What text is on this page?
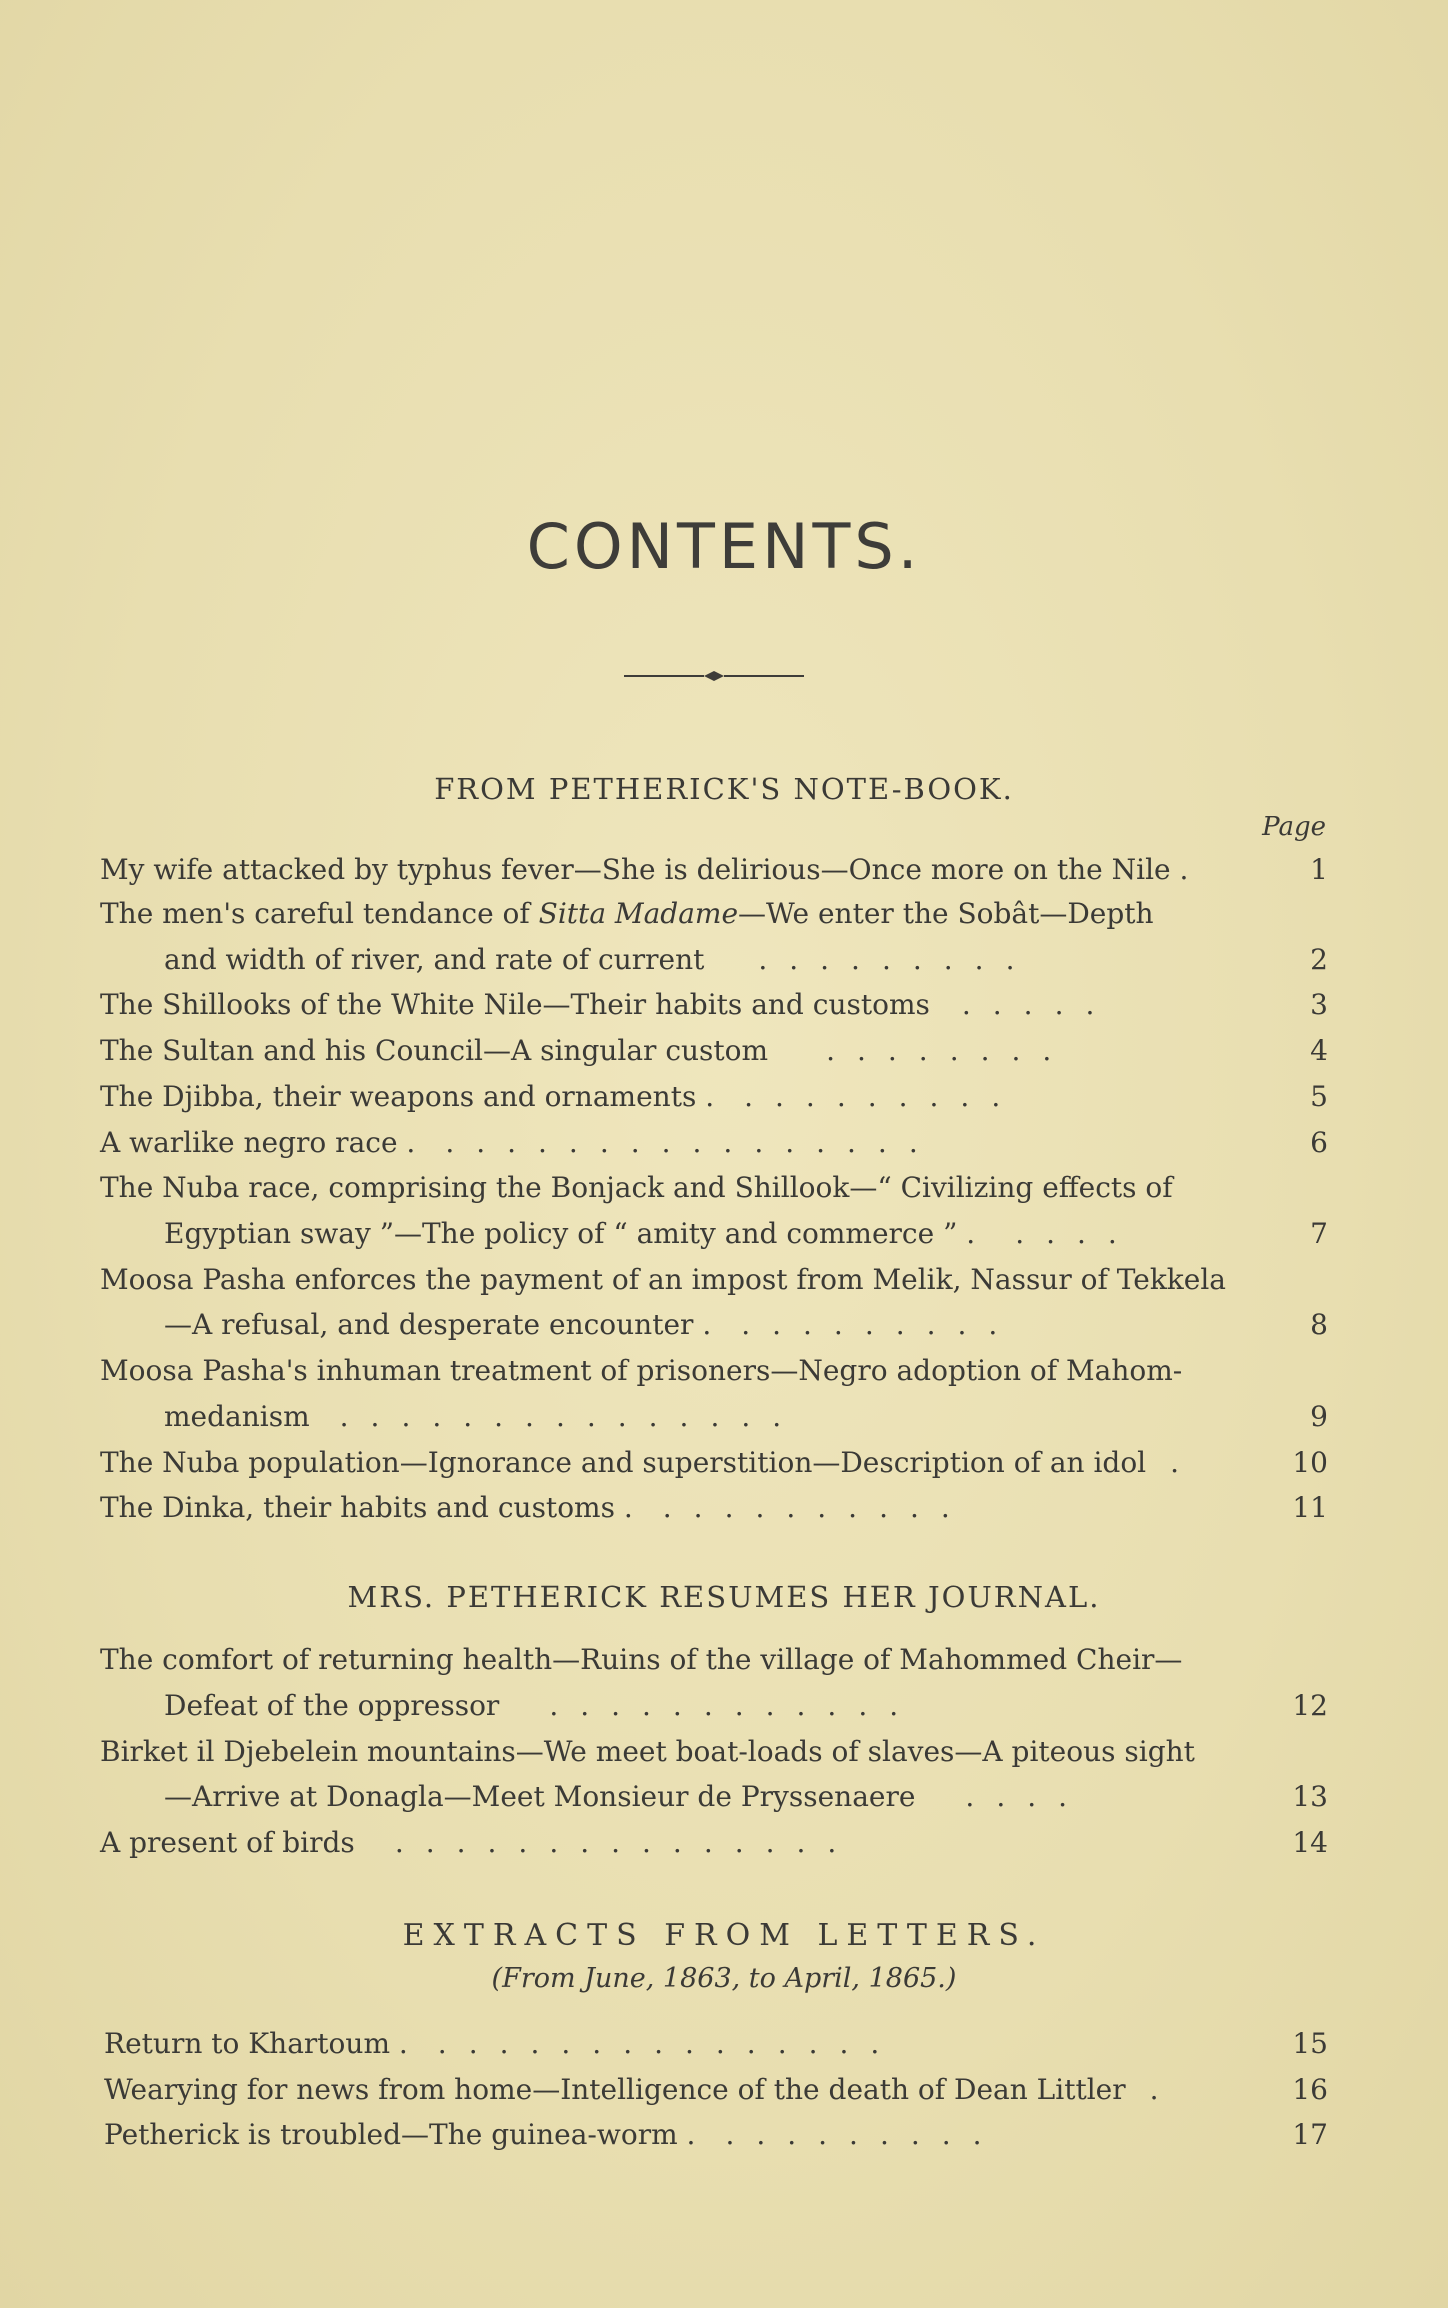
CONTENTS.
FROM PETHERICK'S NOTE-BOOK.
Page
My wife attacked by typhus fever—She is delirious—Once more on the Nile .	1
The men's careful tendance of Sitta Madame—We enter the Sobât—Depth
and width of river, and rate of current .........	2
The Shillooks of the White Nile—Their habits and customs .....	3
The Sultan and his Council—A singular custom ........	4
The Djibba, their weapons and ornaments . .........	5
A warlike negro race . ................	6
The Nuba race, comprising the Bonjack and Shillook—“ Civilizing effects of
Egyptian sway ”—The policy of “ amity and commerce ” . ....	7
Moosa Pasha enforces the payment of an impost from Melik, Nassur of Tekkela
—A refusal, and desperate encounter . .........	8
Moosa Pasha's inhuman treatment of prisoners—Negro adoption of Mahom-
medanism ...............	9
The Nuba population—Ignorance and superstition—Description of an idol .	10
The Dinka, their habits and customs . ..........	11
MRS. PETHERICK RESUMES HER JOURNAL.
The comfort of returning health—Ruins of the village of Mahommed Cheir—
Defeat of the oppressor ............	12
Birket il Djebelein mountains—We meet boat-loads of slaves—A piteous sight
—Arrive at Donagla—Meet Monsieur de Pryssenaere ....	13
A present of birds ...............	14
EXTRACTS FROM LETTERS.
(From June, 1863, to April, 1865.)
Return to Khartoum . ...............	15
Wearying for news from home—Intelligence of the death of Dean Littler .	16
Petherick is troubled—The guinea-worm . .........	17
